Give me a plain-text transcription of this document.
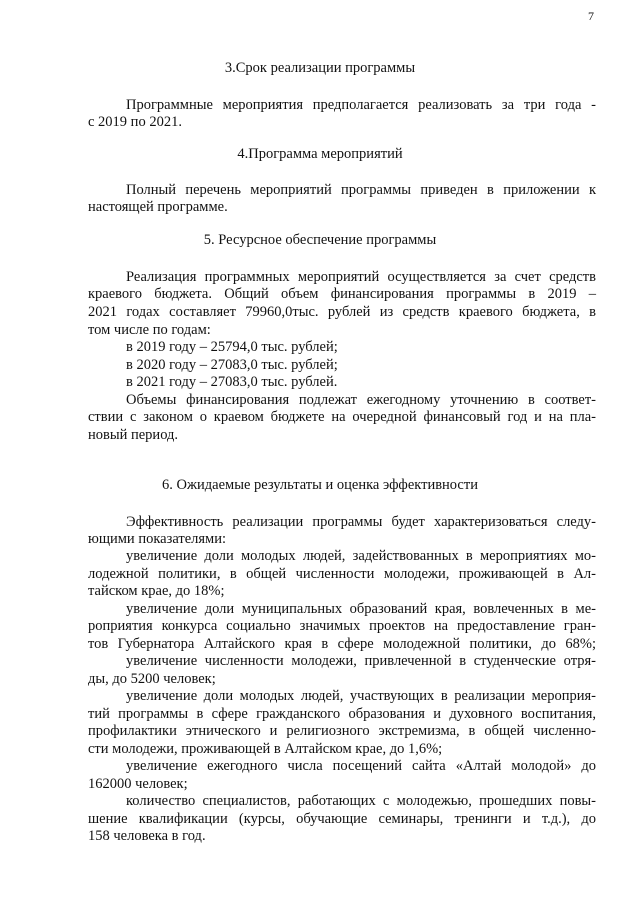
7
3.Срок реализации программы
Программные мероприятия предполагается реализовать за три года -
с 2019 по 2021.
4.Программа мероприятий
Полный перечень мероприятий программы приведен в приложении к
настоящей программе.
5. Ресурсное обеспечение программы
Реализация программных мероприятий осуществляется за счет средств
краевого бюджета. Общий объем финансирования программы в 2019 –
2021 годах составляет 79960,0тыс. рублей из средств краевого бюджета, в
том числе по годам:
в 2019 году – 25794,0 тыс. рублей;
в 2020 году – 27083,0 тыс. рублей;
в 2021 году – 27083,0 тыс. рублей.
Объемы финансирования подлежат ежегодному уточнению в соответ-
ствии с законом о краевом бюджете на очередной финансовый год и на пла-
новый период.
6. Ожидаемые результаты и оценка эффективности
Эффективность реализации программы будет характеризоваться следу-
ющими показателями:
увеличение доли молодых людей, задействованных в мероприятиях мо-
лодежной политики, в общей численности молодежи, проживающей в Ал-
тайском крае, до 18%;
увеличение доли муниципальных образований края, вовлеченных в ме-
роприятия конкурса социально значимых проектов на предоставление гран-
тов Губернатора Алтайского края в сфере молодежной политики, до 68%;
увеличение численности молодежи, привлеченной в студенческие отря-
ды, до 5200 человек;
увеличение доли молодых людей, участвующих в реализации мероприя-
тий программы в сфере гражданского образования и духовного воспитания,
профилактики этнического и религиозного экстремизма, в общей численно-
сти молодежи, проживающей в Алтайском крае, до 1,6%;
увеличение ежегодного числа посещений сайта «Алтай молодой» до
162000 человек;
количество специалистов, работающих с молодежью, прошедших повы-
шение квалификации (курсы, обучающие семинары, тренинги и т.д.), до
158 человека в год.
